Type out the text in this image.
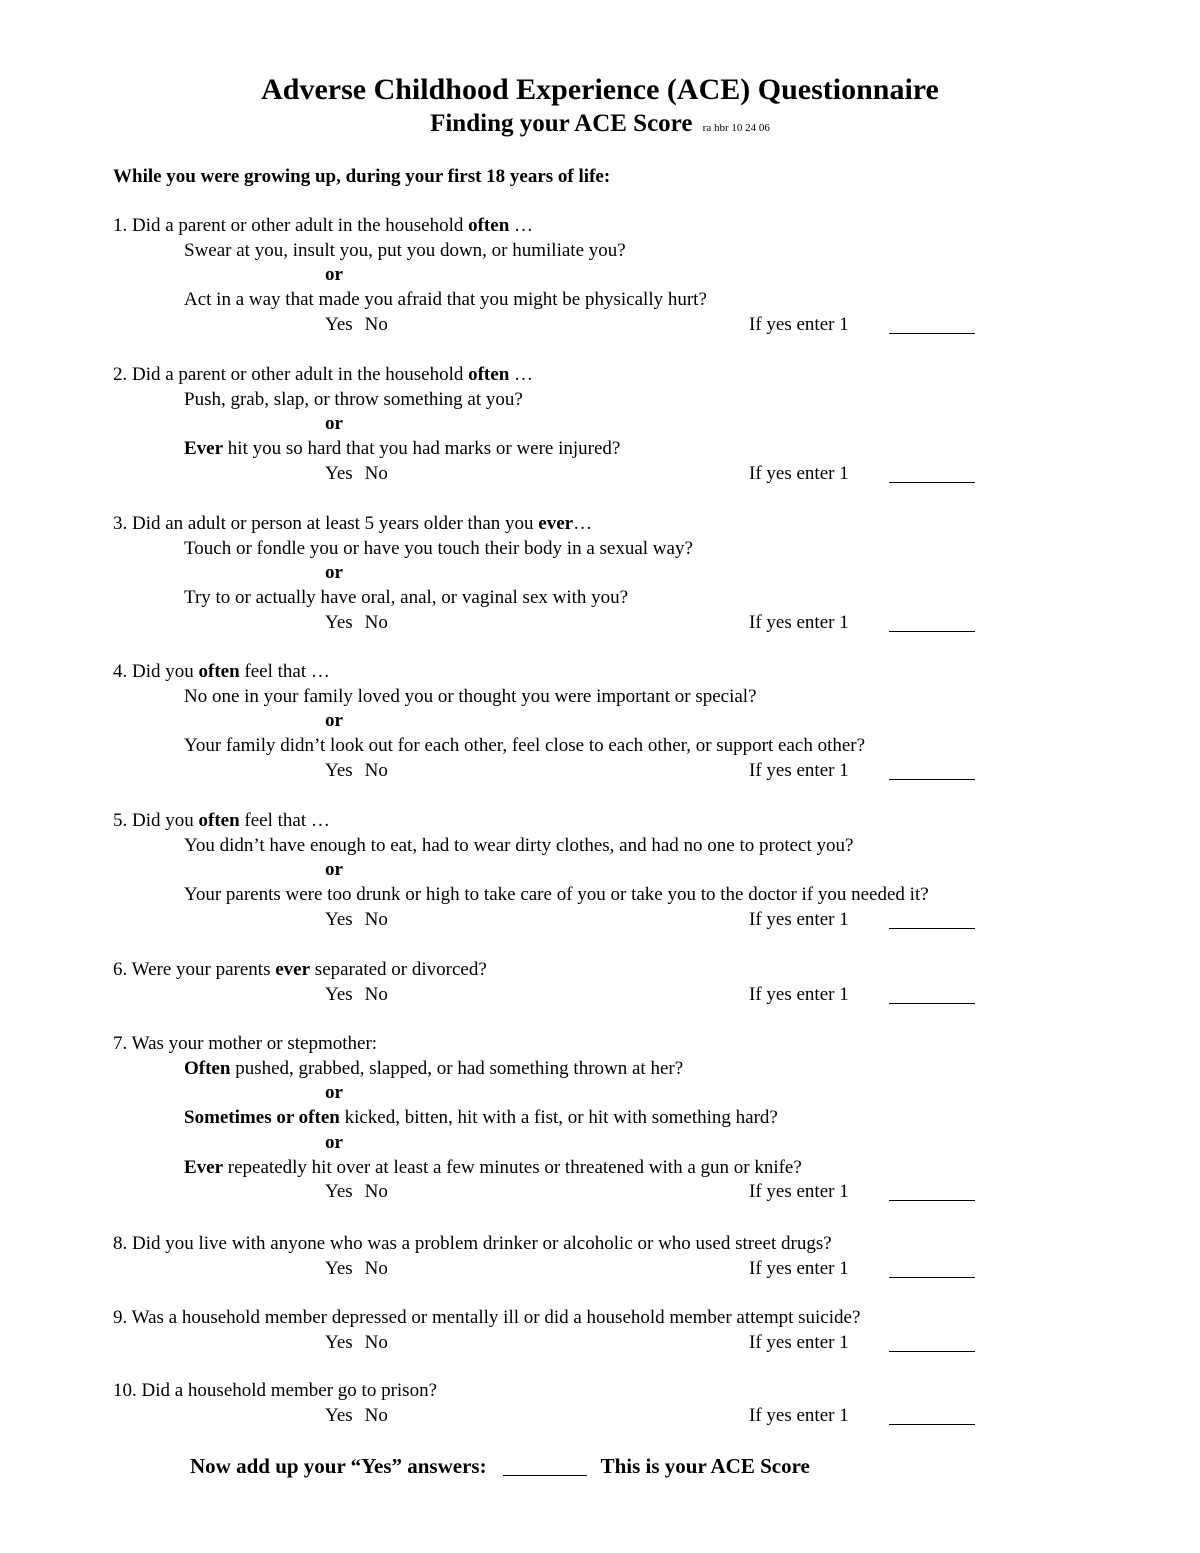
Adverse Childhood Experience (ACE) Questionnaire
Finding your ACE Score ra hbr 10 24 06
While you were growing up, during your first 18 years of life:
1. Did a parent or other adult in the household often …
Swear at you, insult you, put you down, or humiliate you?
or
Act in a way that made you afraid that you might be physically hurt?
Yes No	If yes enter 1
2. Did a parent or other adult in the household often …
Push, grab, slap, or throw something at you?
or
Ever hit you so hard that you had marks or were injured?
Yes No	If yes enter 1
3. Did an adult or person at least 5 years older than you ever…
Touch or fondle you or have you touch their body in a sexual way?
or
Try to or actually have oral, anal, or vaginal sex with you?
Yes No	If yes enter 1
4. Did you often feel that …
No one in your family loved you or thought you were important or special?
or
Your family didn’t look out for each other, feel close to each other, or support each other?
Yes No	If yes enter 1
5. Did you often feel that …
You didn’t have enough to eat, had to wear dirty clothes, and had no one to protect you?
or
Your parents were too drunk or high to take care of you or take you to the doctor if you needed it?
Yes No	If yes enter 1
6. Were your parents ever separated or divorced?
Yes No	If yes enter 1
7. Was your mother or stepmother:
Often pushed, grabbed, slapped, or had something thrown at her?
or
Sometimes or often kicked, bitten, hit with a fist, or hit with something hard?
or
Ever repeatedly hit over at least a few minutes or threatened with a gun or knife?
Yes No	If yes enter 1
8. Did you live with anyone who was a problem drinker or alcoholic or who used street drugs?
Yes No	If yes enter 1
9. Was a household member depressed or mentally ill or did a household member attempt suicide?
Yes No	If yes enter 1
10. Did a household member go to prison?
Yes No	If yes enter 1
Now add up your “Yes” answers:	This is your ACE Score
